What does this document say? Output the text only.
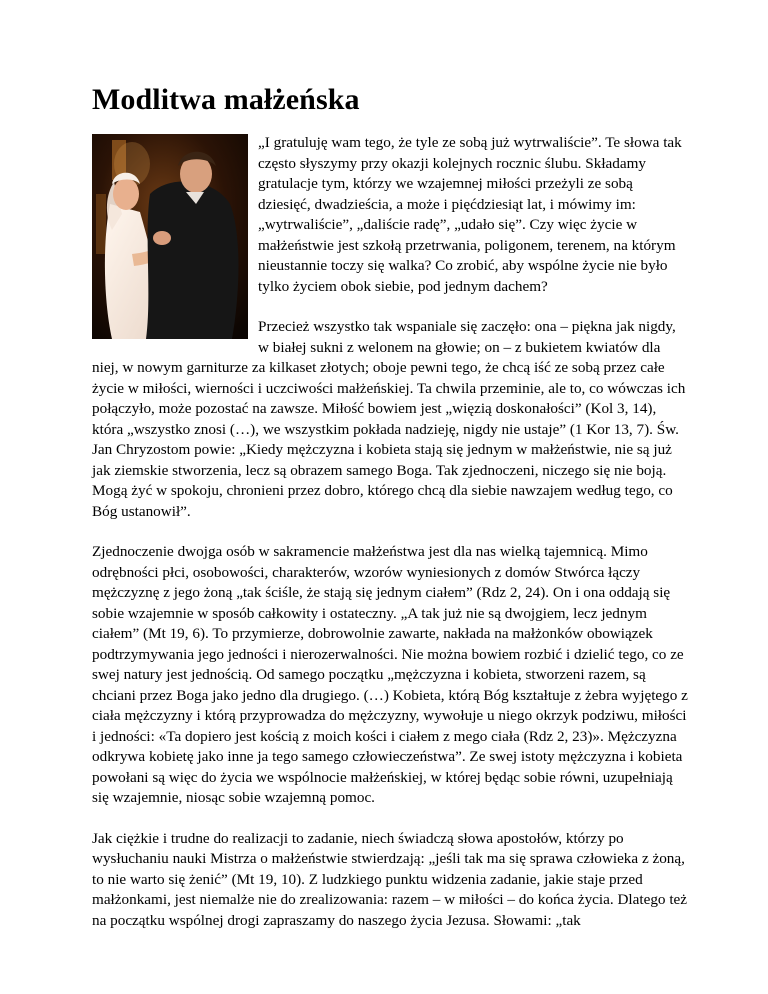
Modlitwa małżeńska

„I gratuluję wam tego, że tyle ze sobą już wytrwaliście”. Te słowa tak często słyszymy przy okazji kolejnych rocznic ślubu. Składamy gratulacje tym, którzy we wzajemnej miłości przeżyli ze sobą dziesięć, dwadzieścia, a może i pięćdziesiąt lat, i mówimy im: „wytrwaliście”, „daliście radę”, „udało się”. Czy więc życie w małżeństwie jest szkołą przetrwania, poligonem, terenem, na którym nieustannie toczy się walka? Co zrobić, aby wspólne życie nie było tylko życiem obok siebie, pod jednym dachem?

Przecież wszystko tak wspaniale się zaczęło: ona – piękna jak nigdy, w białej sukni z welonem na głowie; on – z bukietem kwiatów dla niej, w nowym garniturze za kilkaset złotych; oboje pewni tego, że chcą iść ze sobą przez całe życie w miłości, wierności i uczciwości małżeńskiej. Ta chwila przeminie, ale to, co wówczas ich połączyło, może pozostać na zawsze. Miłość bowiem jest „więzią doskonałości” (Kol 3, 14), która „wszystko znosi (…), we wszystkim pokłada nadzieję, nigdy nie ustaje” (1 Kor 13, 7). Św. Jan Chryzostom powie: „Kiedy mężczyzna i kobieta stają się jednym w małżeństwie, nie są już jak ziemskie stworzenia, lecz są obrazem samego Boga. Tak zjednoczeni, niczego się nie boją. Mogą żyć w spokoju, chronieni przez dobro, którego chcą dla siebie nawzajem według tego, co Bóg ustanowił”.

Zjednoczenie dwojga osób w sakramencie małżeństwa jest dla nas wielką tajemnicą. Mimo odrębności płci, osobowości, charakterów, wzorów wyniesionych z domów Stwórca łączy mężczyznę z jego żoną „tak ściśle, że stają się jednym ciałem” (Rdz 2, 24). On i ona oddają się sobie wzajemnie w sposób całkowity i ostateczny. „A tak już nie są dwojgiem, lecz jednym ciałem” (Mt 19, 6). To przymierze, dobrowolnie zawarte, nakłada na małżonków obowiązek podtrzymywania jego jedności i nierozerwalności. Nie można bowiem rozbić i dzielić tego, co ze swej natury jest jednością. Od samego początku „mężczyzna i kobieta, stworzeni razem, są chciani przez Boga jako jedno dla drugiego. (…) Kobieta, którą Bóg kształtuje z żebra wyjętego z ciała mężczyzny i którą przyprowadza do mężczyzny, wywołuje u niego okrzyk podziwu, miłości i jedności: «Ta dopiero jest kością z moich kości i ciałem z mego ciała (Rdz 2, 23)». Mężczyzna odkrywa kobietę jako inne ja tego samego człowieczeństwa”. Ze swej istoty mężczyzna i kobieta powołani są więc do życia we wspólnocie małżeńskiej, w której będąc sobie równi, uzupełniają się wzajemnie, niosąc sobie wzajemną pomoc.

Jak ciężkie i trudne do realizacji to zadanie, niech świadczą słowa apostołów, którzy po wysłuchaniu nauki Mistrza o małżeństwie stwierdzają: „jeśli tak ma się sprawa człowieka z żoną, to nie warto się żenić” (Mt 19, 10). Z ludzkiego punktu widzenia zadanie, jakie staje przed małżonkami, jest niemalże nie do zrealizowania: razem – w miłości – do końca życia. Dlatego też na początku wspólnej drogi zapraszamy do naszego życia Jezusa. Słowami: „tak
